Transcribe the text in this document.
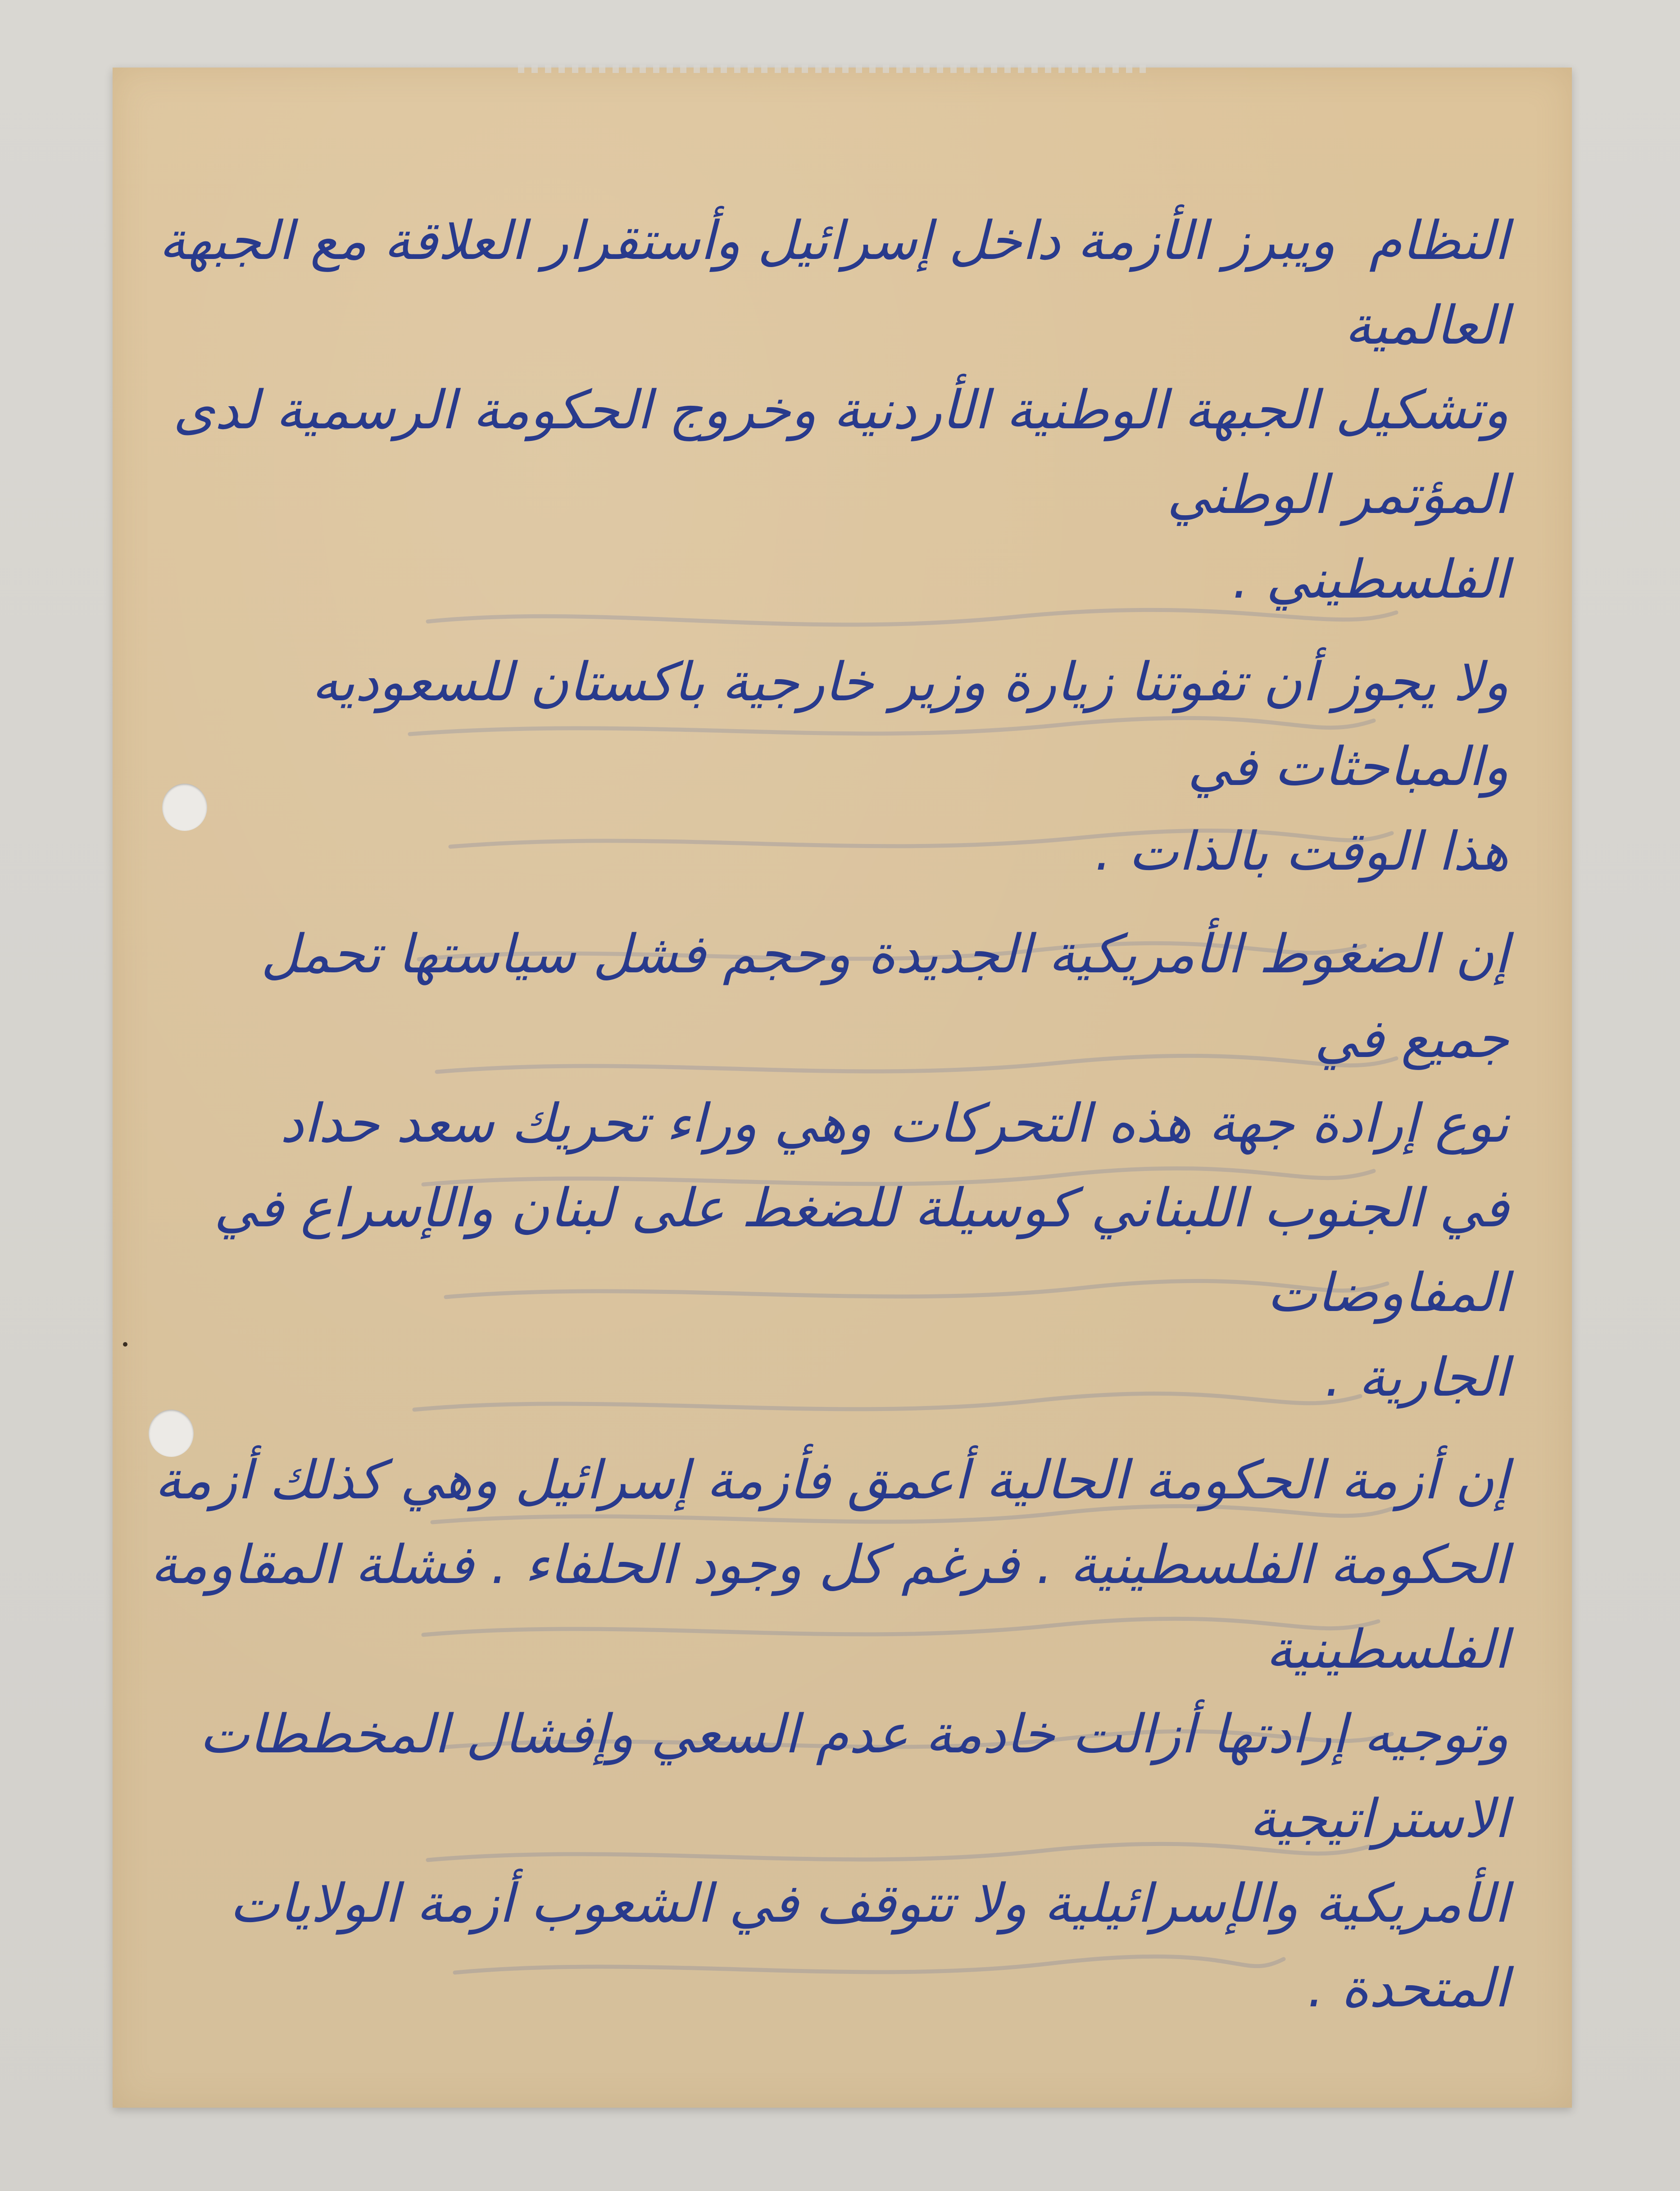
النظام  ويبرز الأزمة داخل إسرائيل وأستقرار العلاقة مع الجبهة العالمية

وتشكيل الجبهة الوطنية الأردنية وخروج الحكومة الرسمية لدى المؤتمر الوطني

الفلسطيني .

ولا يجوز أن تفوتنا زيارة وزير خارجية باكستان للسعوديه والمباحثات في

هذا الوقت بالذات .

إن الضغوط الأمريكية الجديدة وحجم فشل سياستها تحمل جميع في

نوع إرادة جهة هذه التحركات وهي وراء تحريك سعد حداد

في الجنوب اللبناني كوسيلة للضغط على لبنان والإسراع في المفاوضات

الجارية .

إن أزمة الحكومة الحالية أعمق فأزمة إسرائيل وهي كذلك أزمة

الحكومة الفلسطينية . فرغم كل وجود الحلفاء . فشلة المقاومة الفلسطينية

وتوجيه إرادتها أزالت خادمة عدم السعي وإفشال المخططات الاستراتيجية

الأمريكية والإسرائيلية ولا تتوقف في الشعوب أزمة الولايات المتحدة .
